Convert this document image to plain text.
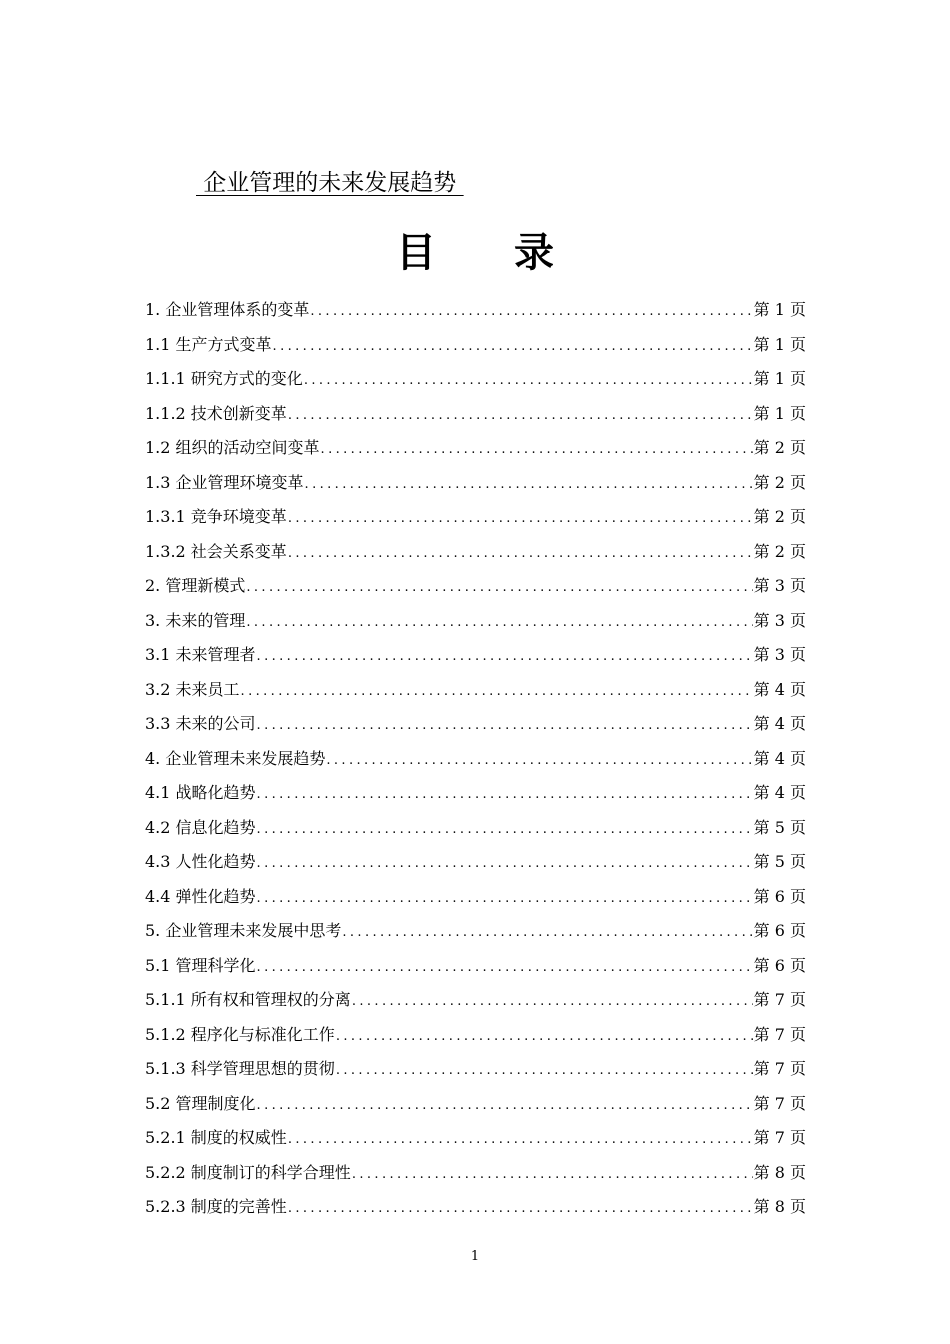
企业管理的未来发展趋势
目录
1. 企业管理体系的变革 .....	第 1 页
1.1 生产方式变革 .....	第 1 页
1.1.1 研究方式的变化 .....	第 1 页
1.1.2 技术创新变革 .....	第 1 页
1.2 组织的活动空间变革 .....	第 2 页
1.3 企业管理环境变革 .....	第 2 页
1.3.1 竞争环境变革 .....	第 2 页
1.3.2 社会关系变革 .....	第 2 页
2. 管理新模式 .....	第 3 页
3. 未来的管理 .....	第 3 页
3.1 未来管理者 .....	第 3 页
3.2 未来员工 .....	第 4 页
3.3 未来的公司 .....	第 4 页
4. 企业管理未来发展趋势 .....	第 4 页
4.1 战略化趋势 .....	第 4 页
4.2 信息化趋势 .....	第 5 页
4.3 人性化趋势 .....	第 5 页
4.4 弹性化趋势 .....	第 6 页
5. 企业管理未来发展中思考 .....	第 6 页
5.1 管理科学化 .....	第 6 页
5.1.1 所有权和管理权的分离 .....	第 7 页
5.1.2 程序化与标准化工作 .....	第 7 页
5.1.3 科学管理思想的贯彻 .....	第 7 页
5.2 管理制度化 .....	第 7 页
5.2.1 制度的权威性 .....	第 7 页
5.2.2 制度制订的科学合理性 .....	第 8 页
5.2.3 制度的完善性 .....	第 8 页
1
